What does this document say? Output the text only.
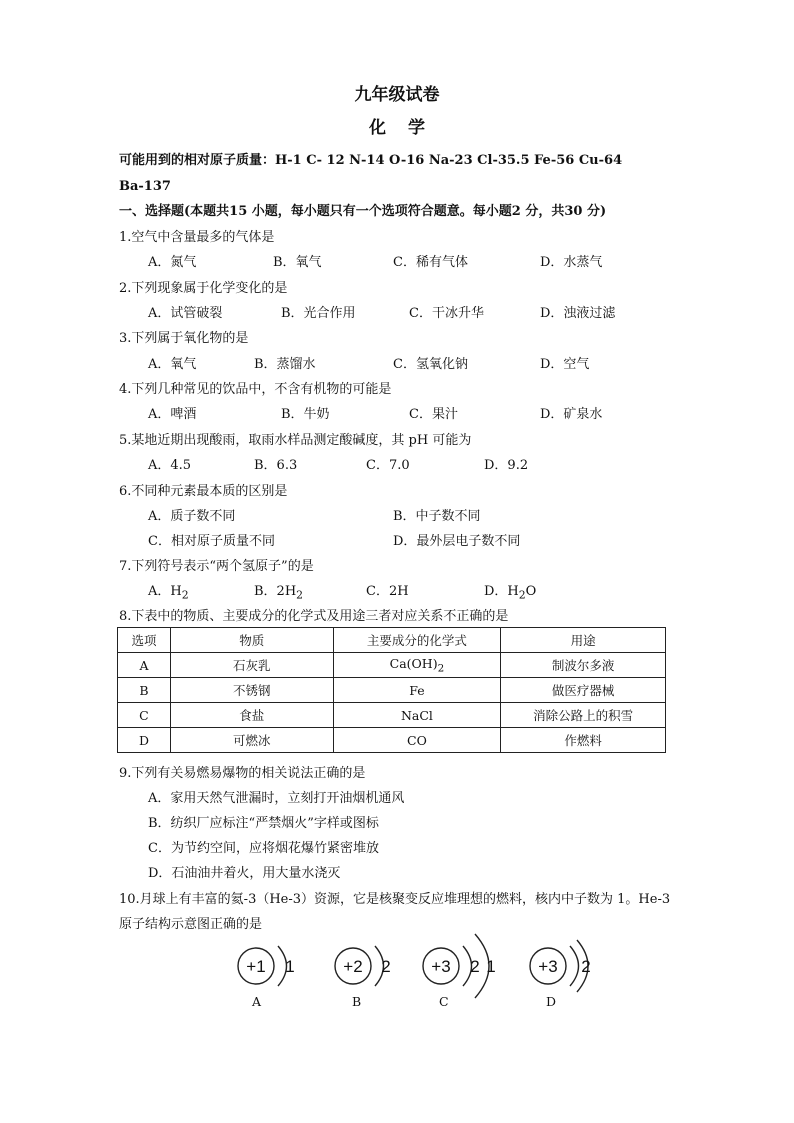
九年级试卷
化学
可能用到的相对原子质量：H-1 C- 12 N-14 O-16 Na-23 Cl-35.5 Fe-56 Cu-64
Ba-137
一、选择题(本题共15 小题，每小题只有一个选项符合题意。每小题2 分，共30 分)
1.空气中含量最多的气体是
A．氮气	B．氧气	C．稀有气体	D．水蒸气
2.下列现象属于化学变化的是
A．试管破裂	B．光合作用	C．干冰升华	D．浊液过滤
3.下列属于氧化物的是
A．氧气	B．蒸馏水	C．氢氧化钠	D．空气
4.下列几种常见的饮品中，不含有机物的可能是
A．啤酒	B．牛奶	C．果汁	D．矿泉水
5.某地近期出现酸雨，取雨水样品测定酸碱度，其 pH 可能为
A．4.5	B．6.3	C．7.0	D．9.2
6.不同种元素最本质的区别是
A．质子数不同	B．中子数不同
C．相对原子质量不同	D．最外层电子数不同
7.下列符号表示“两个氢原子”的是
A．$H_2$	B．$2H_2$	C．2H	D．$H_2O$
8.下表中的物质、主要成分的化学式及用途三者对应关系不正确的是
选项	物质	主要成分的化学式	用途
A	石灰乳	$Ca(OH)_2$	制波尔多液
B	不锈钢	Fe	做医疗器械
C	食盐	NaCl	消除公路上的积雪
D	可燃冰	CO	作燃料
9.下列有关易燃易爆物的相关说法正确的是
A．家用天然气泄漏时，立刻打开油烟机通风
B．纺织厂应标注“严禁烟火”字样或图标
C．为节约空间，应将烟花爆竹紧密堆放
D．石油油井着火，用大量水浇灭
10.月球上有丰富的氦-3（He-3）资源，它是核聚变反应堆理想的燃料，核内中子数为 1。He-3
原子结构示意图正确的是
+1	+2	+3	+3
1	2	2	2
1
A	B	C	D
